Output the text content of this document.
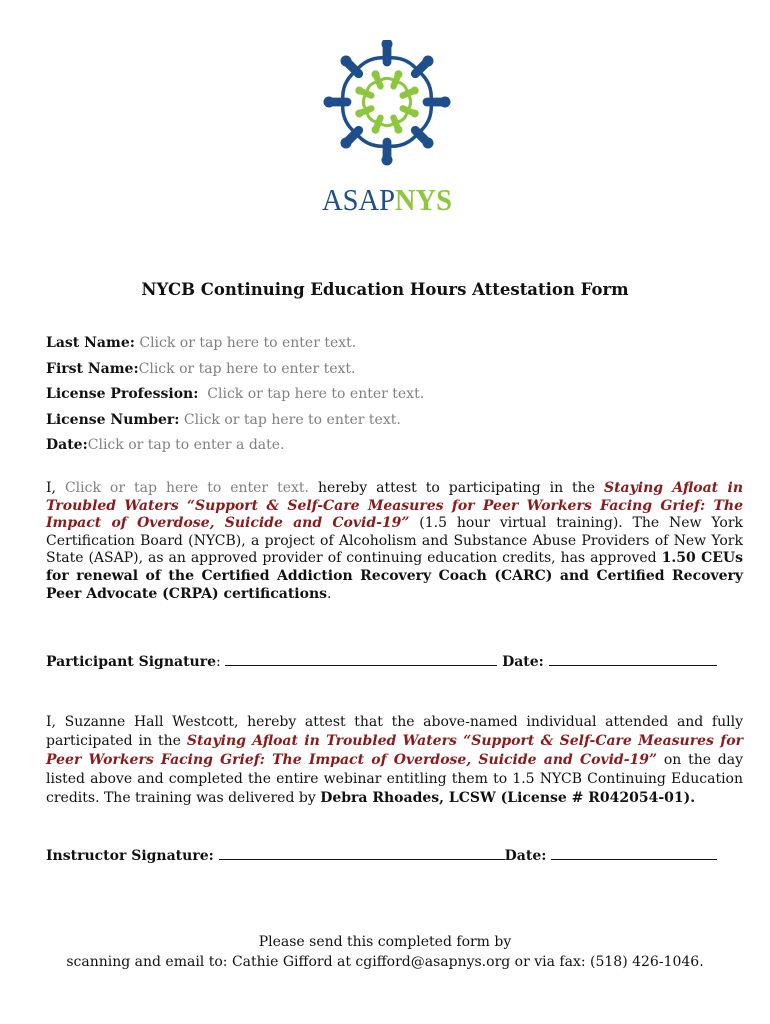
ASAPNYS
NYCB Continuing Education Hours Attestation Form
Last Name: Click or tap here to enter text.
First Name:Click or tap here to enter text.
License Profession: Click or tap here to enter text.
License Number: Click or tap here to enter text.
Date:Click or tap to enter a date.
I, Click or tap here to enter text. hereby attest to participating in the Staying Afloat in Troubled Waters “Support & Self-Care Measures for Peer Workers Facing Grief: The Impact of Overdose, Suicide and Covid-19” (1.5 hour virtual training). The New York Certification Board (NYCB), a project of Alcoholism and Substance Abuse Providers of New York State (ASAP), as an approved provider of continuing education credits, has approved 1.50 CEUs for renewal of the Certified Addiction Recovery Coach (CARC) and Certified Recovery Peer Advocate (CRPA) certifications.
Participant Signature:	Date:
I, Suzanne Hall Westcott, hereby attest that the above-named individual attended and fully participated in the Staying Afloat in Troubled Waters “Support & Self-Care Measures for Peer Workers Facing Grief: The Impact of Overdose, Suicide and Covid-19” on the day listed above and completed the entire webinar entitling them to 1.5 NYCB Continuing Education credits. The training was delivered by Debra Rhoades, LCSW (License # R042054-01).
Instructor Signature:	Date:
Please send this completed form by
scanning and email to: Cathie Gifford at cgifford@asapnys.org or via fax: (518) 426-1046.
